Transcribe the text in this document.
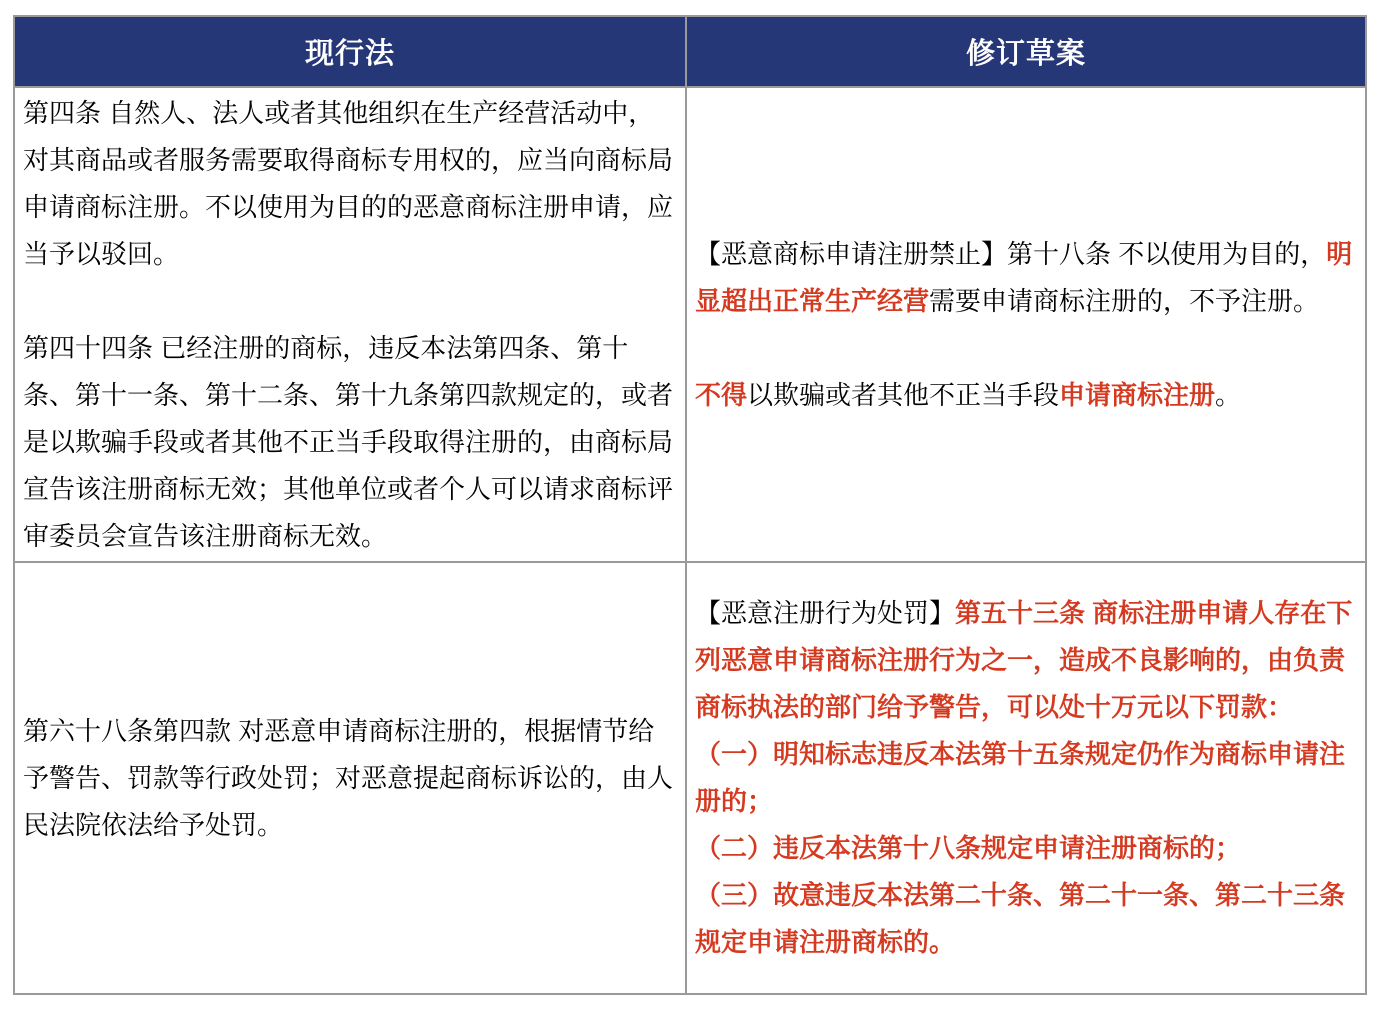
现行法	修订草案

第四条 自然人、法人或者其他组织在生产经营活动中，对其商品或者服务需要取得商标专用权的，应当向商标局申请商标注册。不以使用为目的的恶意商标注册申请，应当予以驳回。

第四十四条 已经注册的商标，违反本法第四条、第十条、第十一条、第十二条、第十九条第四款规定的，或者是以欺骗手段或者其他不正当手段取得注册的，由商标局宣告该注册商标无效；其他单位或者个人可以请求商标评审委员会宣告该注册商标无效。

【恶意商标申请注册禁止】第十八条 不以使用为目的，明显超出正常生产经营需要申请商标注册的，不予注册。

不得以欺骗或者其他不正当手段申请商标注册。

第六十八条第四款 对恶意申请商标注册的，根据情节给予警告、罚款等行政处罚；对恶意提起商标诉讼的，由人民法院依法给予处罚。

【恶意注册行为处罚】第五十三条 商标注册申请人存在下列恶意申请商标注册行为之一，造成不良影响的，由负责商标执法的部门给予警告，可以处十万元以下罚款：

（一）明知标志违反本法第十五条规定仍作为商标申请注册的；

（二）违反本法第十八条规定申请注册商标的；

（三）故意违反本法第二十条、第二十一条、第二十三条规定申请注册商标的。
